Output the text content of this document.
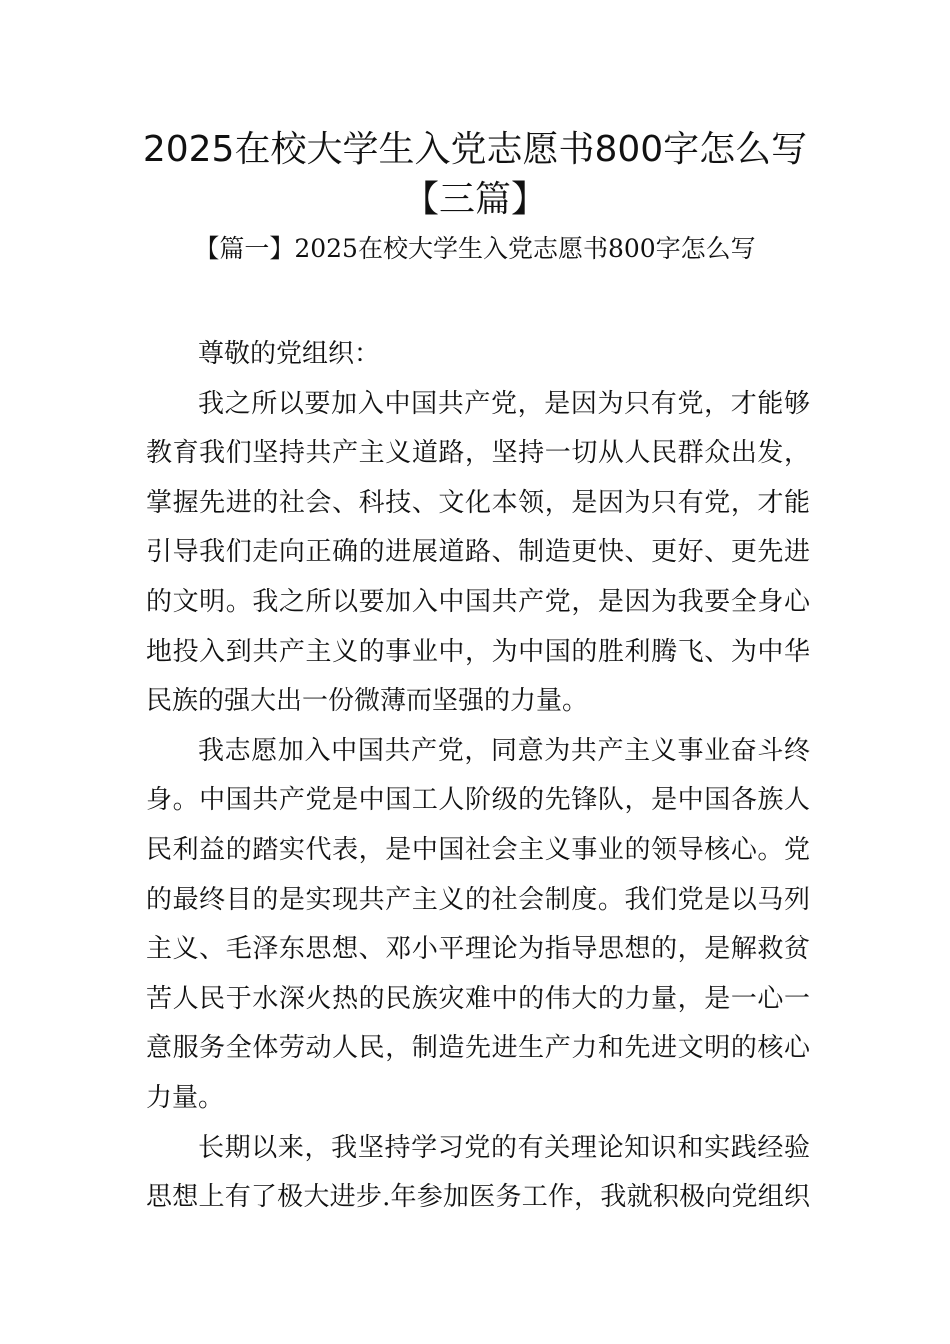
2025在校大学生入党志愿书800字怎么写
【三篇】

【篇一】2025在校大学生入党志愿书800字怎么写

尊敬的党组织：
我之所以要加入中国共产党，是因为只有党，才能够
教育我们坚持共产主义道路，坚持一切从人民群众出发，
掌握先进的社会、科技、文化本领，是因为只有党，才能
引导我们走向正确的进展道路、制造更快、更好、更先进
的文明。我之所以要加入中国共产党，是因为我要全身心
地投入到共产主义的事业中，为中国的胜利腾飞、为中华
民族的强大出一份微薄而坚强的力量。
我志愿加入中国共产党，同意为共产主义事业奋斗终
身。中国共产党是中国工人阶级的先锋队，是中国各族人
民利益的踏实代表，是中国社会主义事业的领导核心。党
的最终目的是实现共产主义的社会制度。我们党是以马列
主义、毛泽东思想、邓小平理论为指导思想的，是解救贫
苦人民于水深火热的民族灾难中的伟大的力量，是一心一
意服务全体劳动人民，制造先进生产力和先进文明的核心
力量。
长期以来，我坚持学习党的有关理论知识和实践经验
思想上有了极大进步.年参加医务工作，我就积极向党组织
